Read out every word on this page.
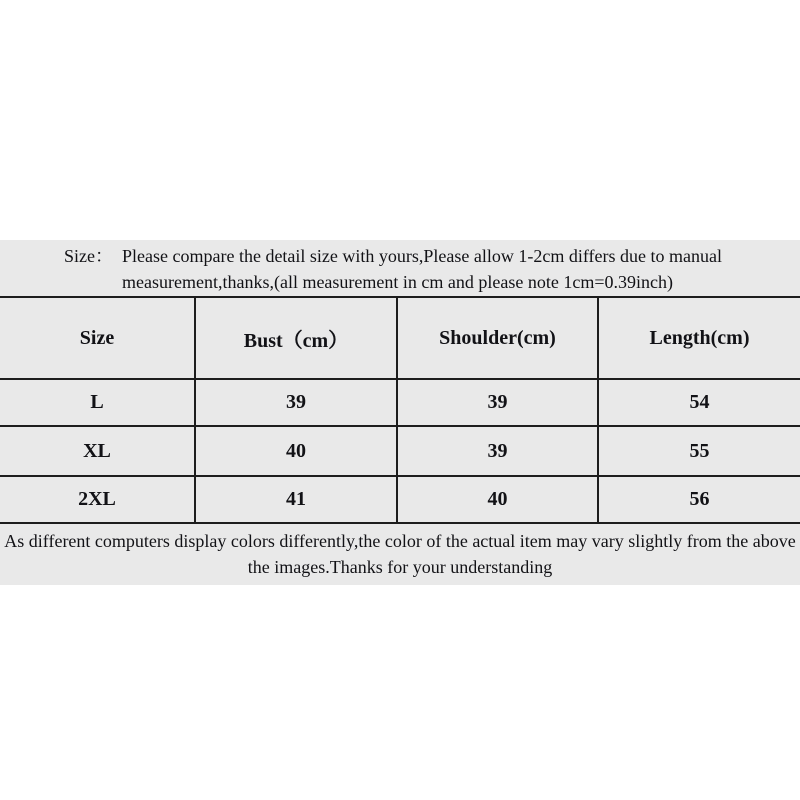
Size： Please compare the detail size with yours,Please allow 1-2cm differs due to manual
measurement,thanks,(all measurement in cm and please note 1cm=0.39inch)
Size	Bust（cm）	Shoulder(cm)	Length(cm)
L	39	39	54
XL	40	39	55
2XL	41	40	56
As different computers display colors differently,the color of the actual item may vary slightly from the above
the images.Thanks for your understanding
